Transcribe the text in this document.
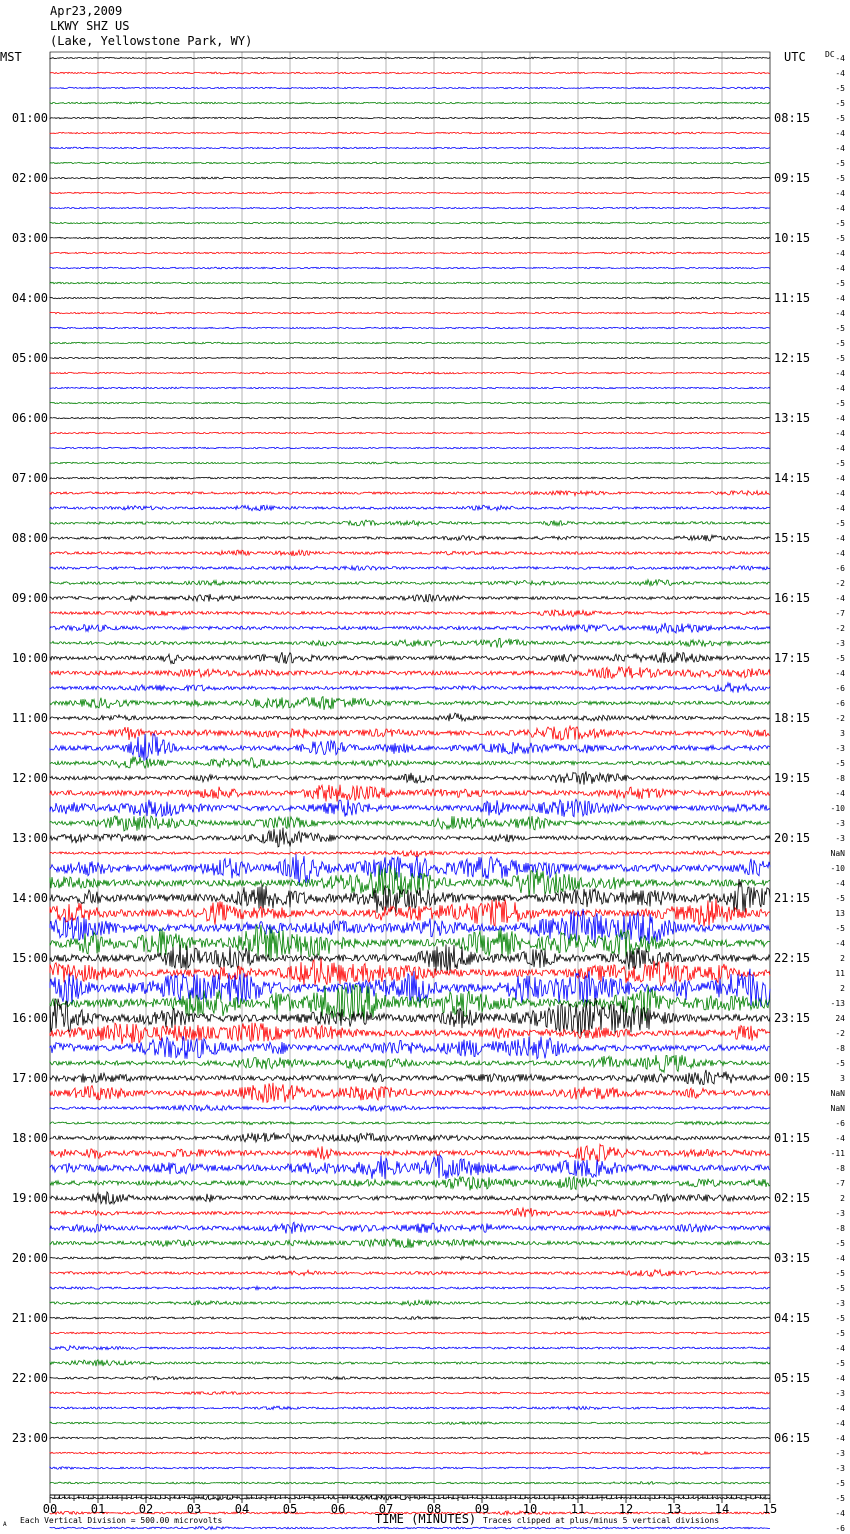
00	01	02	03	04	05	06	07	08	09	10	11	12	13	14	15
01:00
02:00
03:00
04:00
05:00
06:00
07:00
08:00
09:00
10:00
11:00
12:00
13:00
14:00
15:00
16:00
17:00
18:00
19:00
20:00
21:00
22:00
23:00
08:15
09:15
10:15
11:15
12:15
13:15
14:15
15:15
16:15
17:15
18:15
19:15
20:15
21:15
22:15
23:15
00:15
01:15
02:15
03:15
04:15
05:15
06:15
-4
-4
-5
-5
-5
-4
-4
-5
-5
-4
-4
-5
-5
-4
-4
-5
-4
-4
-5
-5
-5
-4
-4
-5
-4
-4
-4
-5
-4
-4
-4
-5
-4
-4
-6
-2
-4
-7
-2
-3
-5
-4
-6
-6
-2
3
-3
-5
-8
-4
-10
-3
-3
NaN
-10
-4
-5
13
-5
-4
2
11
2
-13
24
-2
-8
-5
3
NaN
NaN
-6
-4
-11
-8
-7
2
-3
-8
-5
-4
-5
-5
-3
-5
-5
-4
-5
-4
-3
-4
-4
-4
-3
-3
-5
-5
-4
-6
Apr23,2009
LKWY SHZ US
(Lake, Yellowstone Park, WY)
MST	UTC DC
TIME (MINUTES)
Each Vertical Division = 500.00 microvolts	Traces clipped at plus/minus 5 vertical divisions
A
